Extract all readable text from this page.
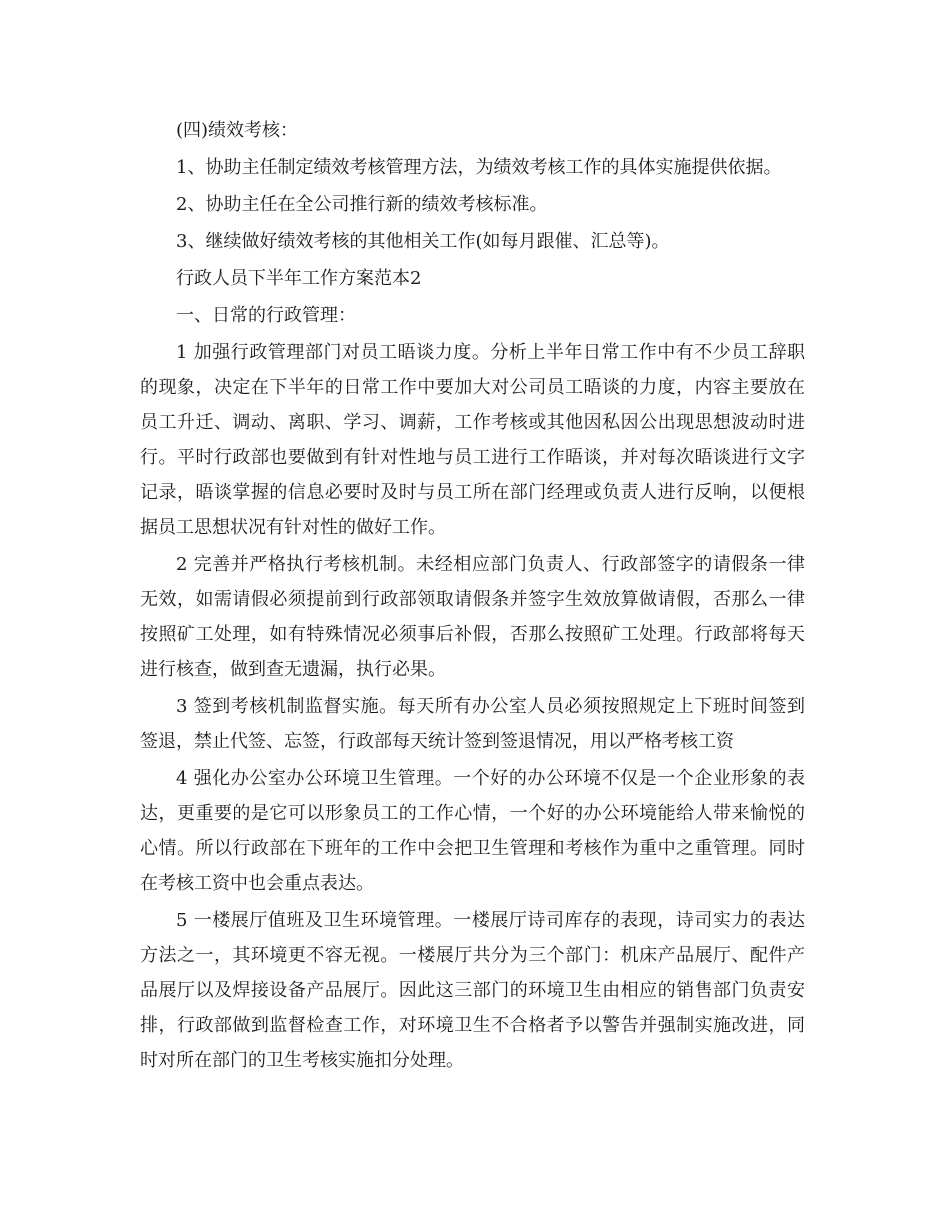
(四)绩效考核：

1、协助主任制定绩效考核管理方法，为绩效考核工作的具体实施提供依据。

2、协助主任在全公司推行新的绩效考核标准。

3、继续做好绩效考核的其他相关工作(如每月跟催、汇总等)。

行政人员下半年工作方案范本2

一、日常的行政管理：

1 加强行政管理部门对员工晤谈力度。分析上半年日常工作中有不少员工辞职的现象，决定在下半年的日常工作中要加大对公司员工晤谈的力度，内容主要放在员工升迁、调动、离职、学习、调薪，工作考核或其他因私因公出现思想波动时进行。平时行政部也要做到有针对性地与员工进行工作晤谈，并对每次晤谈进行文字记录，晤谈掌握的信息必要时及时与员工所在部门经理或负责人进行反响，以便根据员工思想状况有针对性的做好工作。

2 完善并严格执行考核机制。未经相应部门负责人、行政部签字的请假条一律无效，如需请假必须提前到行政部领取请假条并签字生效放算做请假，否那么一律按照矿工处理，如有特殊情况必须事后补假，否那么按照矿工处理。行政部将每天进行核查，做到查无遗漏，执行必果。

3 签到考核机制监督实施。每天所有办公室人员必须按照规定上下班时间签到签退，禁止代签、忘签，行政部每天统计签到签退情况，用以严格考核工资

4 强化办公室办公环境卫生管理。一个好的办公环境不仅是一个企业形象的表达，更重要的是它可以形象员工的工作心情，一个好的办公环境能给人带来愉悦的心情。所以行政部在下班年的工作中会把卫生管理和考核作为重中之重管理。同时在考核工资中也会重点表达。

5 一楼展厅值班及卫生环境管理。一楼展厅诗司库存的表现，诗司实力的表达方法之一，其环境更不容无视。一楼展厅共分为三个部门：机床产品展厅、配件产品展厅以及焊接设备产品展厅。因此这三部门的环境卫生由相应的销售部门负责安排，行政部做到监督检查工作，对环境卫生不合格者予以警告并强制实施改进，同时对所在部门的卫生考核实施扣分处理。
